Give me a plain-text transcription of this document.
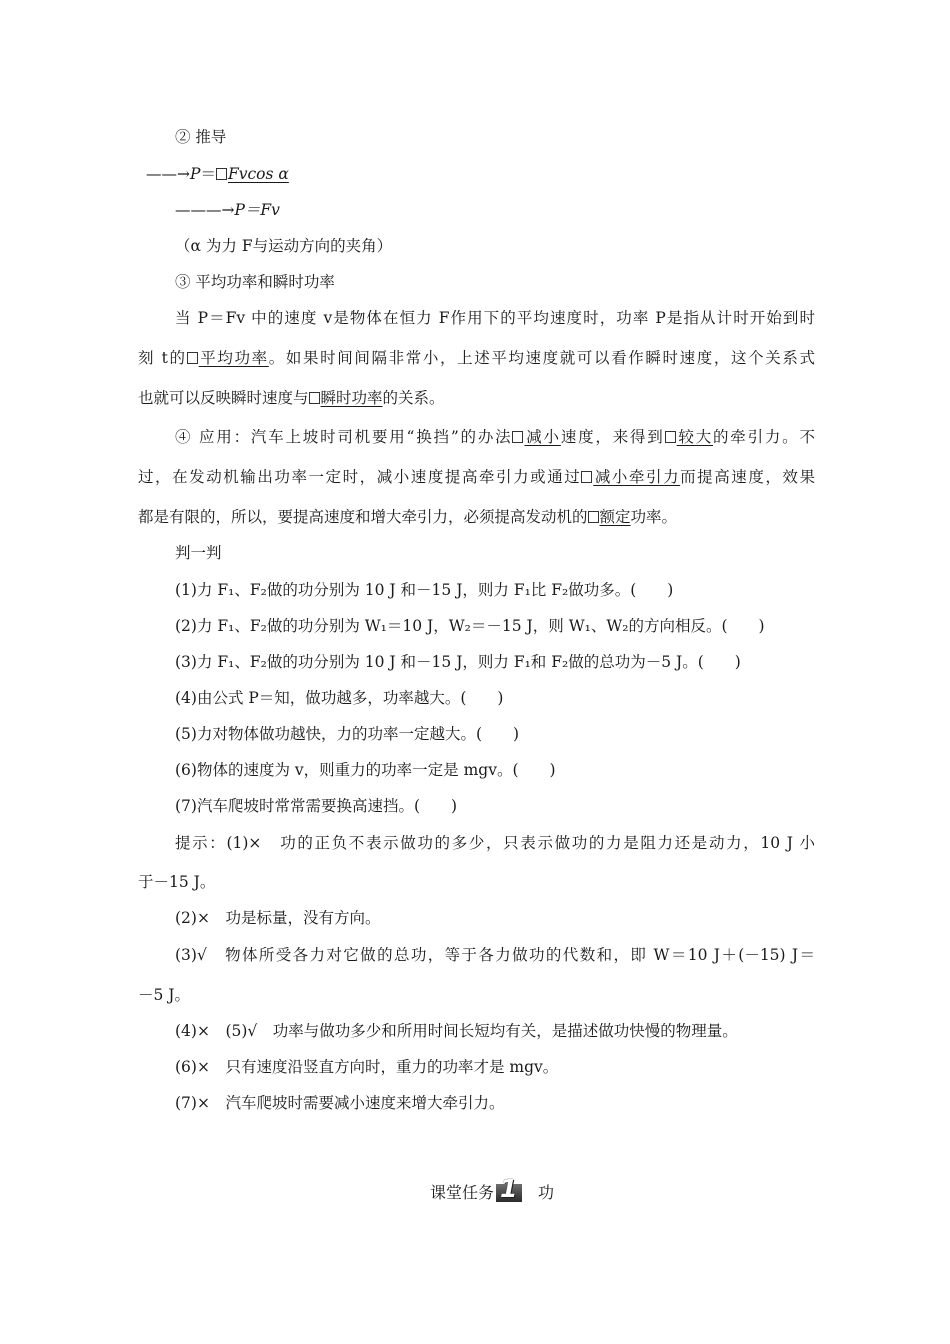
② 推导
——→P＝ Fvcos α
———→P＝Fv
（α 为力 F与运动方向的夹角）
③ 平均功率和瞬时功率
当 P＝Fv 中的速度 v是物体在恒力 F作用下的平均速度时，功率 P是指从计时开始到时
刻 t的 平均功率。如果时间间隔非常小，上述平均速度就可以看作瞬时速度，这个关系式
也就可以反映瞬时速度与 瞬时功率的关系。
④ 应用：汽车上坡时司机要用“换挡”的办法 减小速度，来得到 较大的牵引力。不
过，在发动机输出功率一定时，减小速度提高牵引力或通过 减小牵引力而提高速度，效果
都是有限的，所以，要提高速度和增大牵引力，必须提高发动机的 额定功率。
判一判
(1)力 F₁、F₂做的功分别为 10 J 和－15 J，则力 F₁比 F₂做功多。(　　)
(2)力 F₁、F₂做的功分别为 W₁＝10 J，W₂＝－15 J，则 W₁、W₂的方向相反。(　　)
(3)力 F₁、F₂做的功分别为 10 J 和－15 J，则力 F₁和 F₂做的总功为－5 J。(　　)
(4)由公式 P＝知，做功越多，功率越大。(　　)
(5)力对物体做功越快，力的功率一定越大。(　　)
(6)物体的速度为 v，则重力的功率一定是 mgv。(　　)
(7)汽车爬坡时常常需要换高速挡。(　　)
提示：(1)×　功的正负不表示做功的多少，只表示做功的力是阻力还是动力，10 J 小
于－15 J。
(2)×　功是标量，没有方向。
(3)√　物体所受各力对它做的总功，等于各力做功的代数和，即 W＝10 J＋(－15) J＝
－5 J。
(4)×　(5)√　功率与做功多少和所用时间长短均有关，是描述做功快慢的物理量。
(6)×　只有速度沿竖直方向时，重力的功率才是 mgv。
(7)×　汽车爬坡时需要减小速度来增大牵引力。
课堂任务 1 功
